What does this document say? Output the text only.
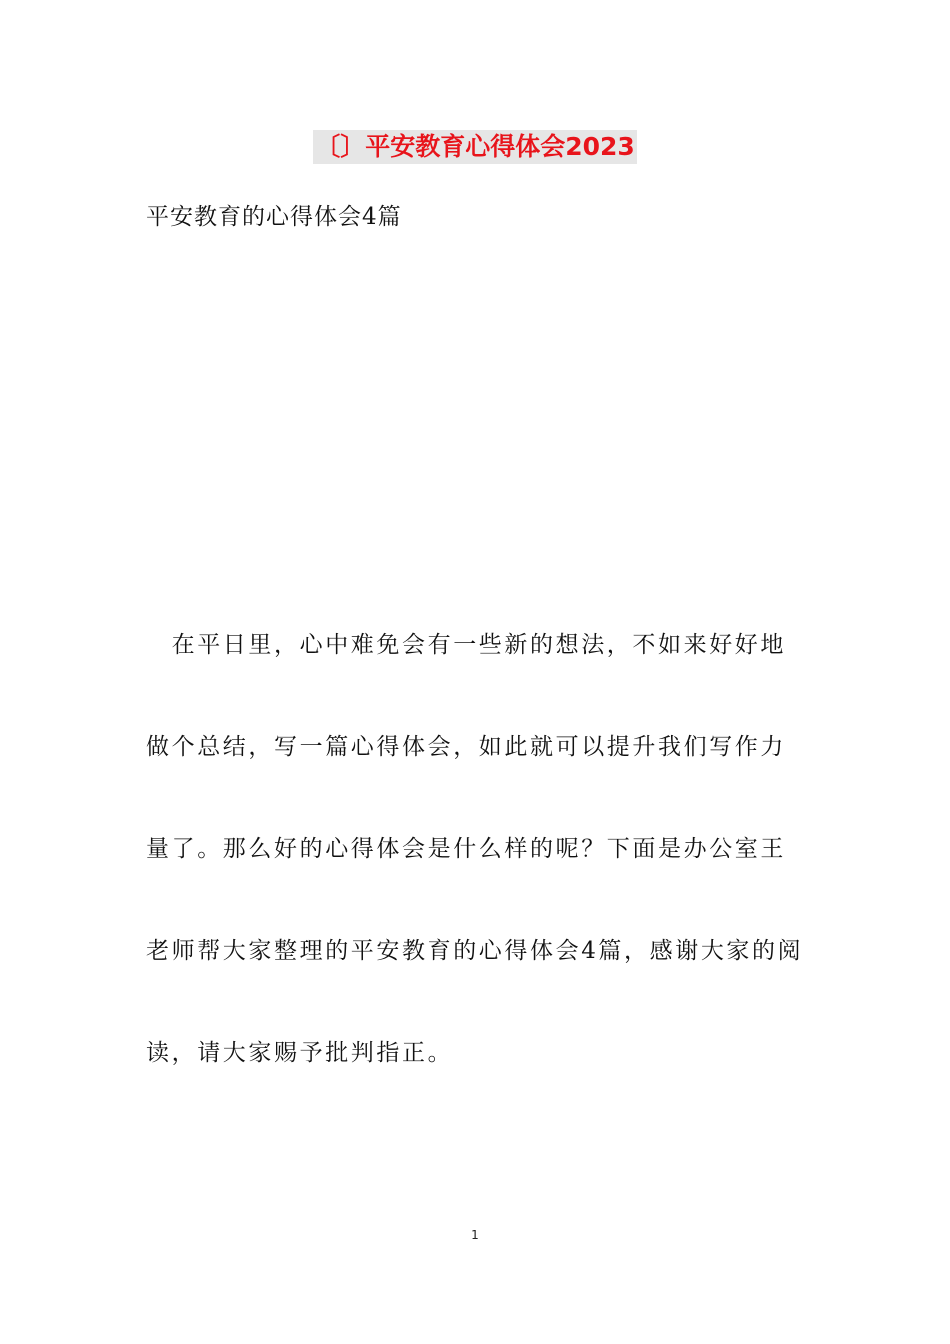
〔〕平安教育心得体会2023
平安教育的心得体会4篇
　在平日里，心中难免会有一些新的想法，不如来好好地
做个总结，写一篇心得体会，如此就可以提升我们写作力
量了。那么好的心得体会是什么样的呢？下面是办公室王
老师帮大家整理的平安教育的心得体会4篇，感谢大家的阅
读，请大家赐予批判指正。
1
